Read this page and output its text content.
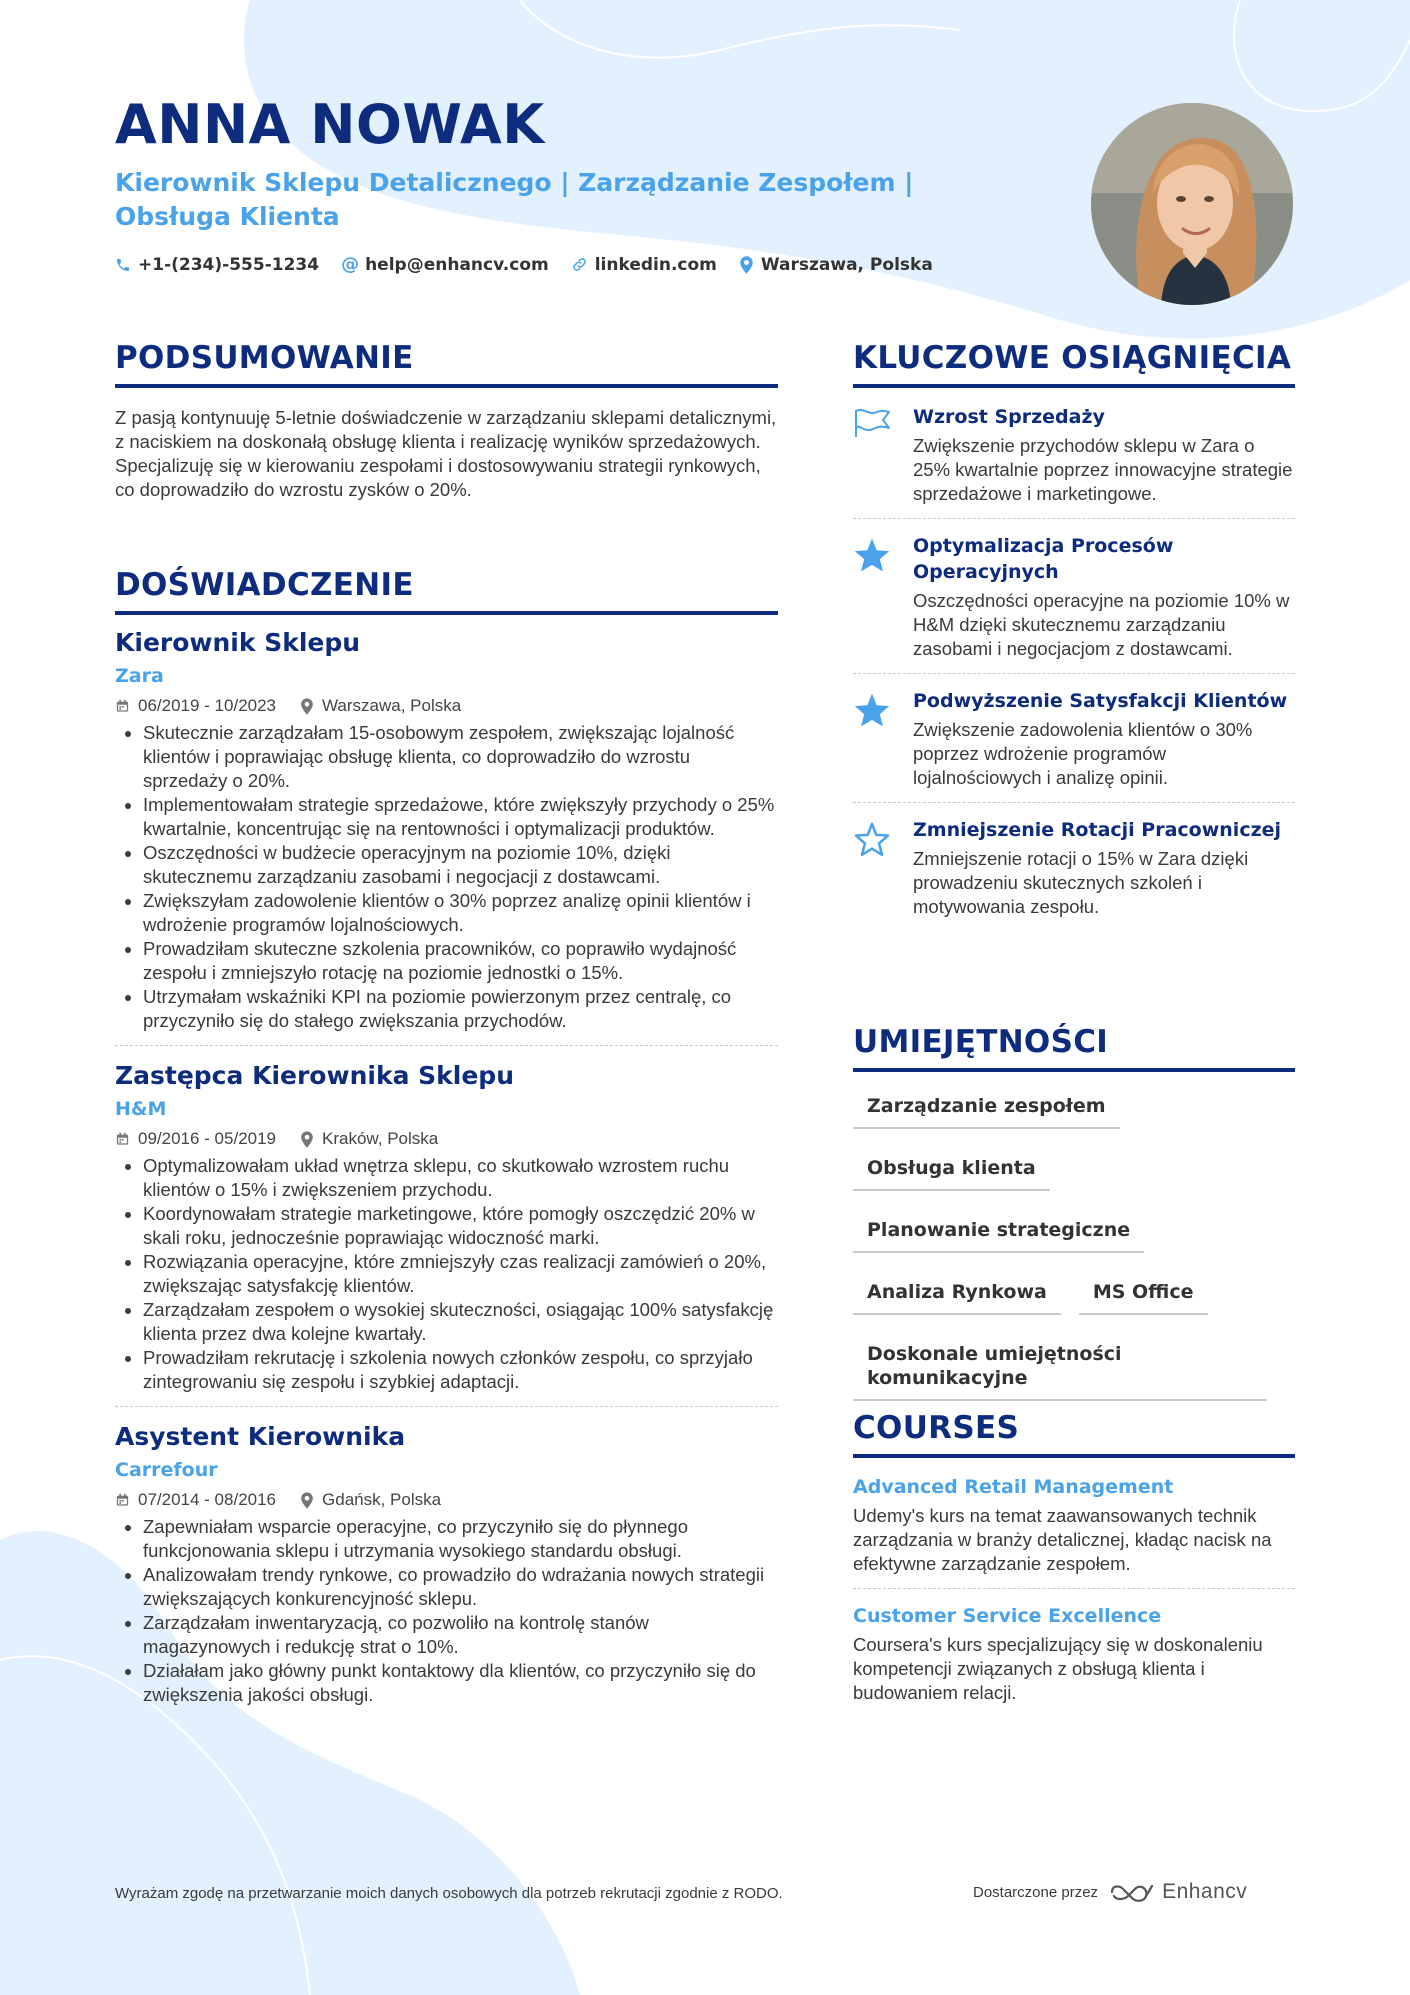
ANNA NOWAK

Kierownik Sklepu Detalicznego | Zarządzanie Zespołem | Obsługa Klienta

+1-(234)-555-1234 @ help@enhancv.com	linkedin.com	Warszawa, Polska
PODSUMOWANIE

Z pasją kontynuuję 5-letnie doświadczenie w zarządzaniu sklepami detalicznymi, z naciskiem na doskonałą obsługę klienta i realizację wyników sprzedażowych. Specjalizuję się w kierowaniu zespołami i dostosowywaniu strategii rynkowych, co doprowadziło do wzrostu zysków o 20%.

DOŚWIADCZENIE
Kierownik Sklepu

Zara

06/2019 - 10/2023	Warszawa, Polska
• Skutecznie zarządzałam 15-osobowym zespołem, zwiększając lojalność klientów i poprawiając obsługę klienta, co doprowadziło do wzrostu sprzedaży o 20%.
• Implementowałam strategie sprzedażowe, które zwiększyły przychody o 25% kwartalnie, koncentrując się na rentowności i optymalizacji produktów.
• Oszczędności w budżecie operacyjnym na poziomie 10%, dzięki skutecznemu zarządzaniu zasobami i negocjacji z dostawcami.
• Zwiększyłam zadowolenie klientów o 30% poprzez analizę opinii klientów i wdrożenie programów lojalnościowych.
• Prowadziłam skuteczne szkolenia pracowników, co poprawiło wydajność zespołu i zmniejszyło rotację na poziomie jednostki o 15%.
• Utrzymałam wskaźniki KPI na poziomie powierzonym przez centralę, co przyczyniło się do stałego zwiększania przychodów.
Zastępca Kierownika Sklepu

H&M

09/2016 - 05/2019	Kraków, Polska
• Optymalizowałam układ wnętrza sklepu, co skutkowało wzrostem ruchu klientów o 15% i zwiększeniem przychodu.
• Koordynowałam strategie marketingowe, które pomogły oszczędzić 20% w skali roku, jednocześnie poprawiając widoczność marki.
• Rozwiązania operacyjne, które zmniejszyły czas realizacji zamówień o 20%, zwiększając satysfakcję klientów.
• Zarządzałam zespołem o wysokiej skuteczności, osiągając 100% satysfakcję klienta przez dwa kolejne kwartały.
• Prowadziłam rekrutację i szkolenia nowych członków zespołu, co sprzyjało zintegrowaniu się zespołu i szybkiej adaptacji.
Asystent Kierownika

Carrefour

07/2014 - 08/2016	Gdańsk, Polska
• Zapewniałam wsparcie operacyjne, co przyczyniło się do płynnego funkcjonowania sklepu i utrzymania wysokiego standardu obsługi.
• Analizowałam trendy rynkowe, co prowadziło do wdrażania nowych strategii zwiększających konkurencyjność sklepu.
• Zarządzałam inwentaryzacją, co pozwoliło na kontrolę stanów magazynowych i redukcję strat o 10%.
• Działałam jako główny punkt kontaktowy dla klientów, co przyczyniło się do zwiększenia jakości obsługi.
KLUCZOWE OSIĄGNIĘCIA
Wzrost Sprzedaży

Zwiększenie przychodów sklepu w Zara o 25% kwartalnie poprzez innowacyjne strategie sprzedażowe i marketingowe.

Optymalizacja Procesów Operacyjnych

Oszczędności operacyjne na poziomie 10% w H&M dzięki skutecznemu zarządzaniu zasobami i negocjacjom z dostawcami.

Podwyższenie Satysfakcji Klientów

Zwiększenie zadowolenia klientów o 30% poprzez wdrożenie programów lojalnościowych i analizę opinii.

Zmniejszenie Rotacji Pracowniczej

Zmniejszenie rotacji o 15% w Zara dzięki prowadzeniu skutecznych szkoleń i motywowania zespołu.

UMIEJĘTNOŚCI
Zarządzanie zespołem
Obsługa klienta
Planowanie strategiczne
Analiza Rynkowa	MS Office
Doskonale umiejętności komunikacyjne
COURSES
Advanced Retail Management

Udemy's kurs na temat zaawansowanych technik zarządzania w branży detalicznej, kładąc nacisk na efektywne zarządzanie zespołem.

Customer Service Excellence

Coursera's kurs specjalizujący się w doskonaleniu kompetencji związanych z obsługą klienta i budowaniem relacji.

Wyrażam zgodę na przetwarzanie moich danych osobowych dla potrzeb rekrutacji zgodnie z RODO.	Dostarczone przez	Enhancv
